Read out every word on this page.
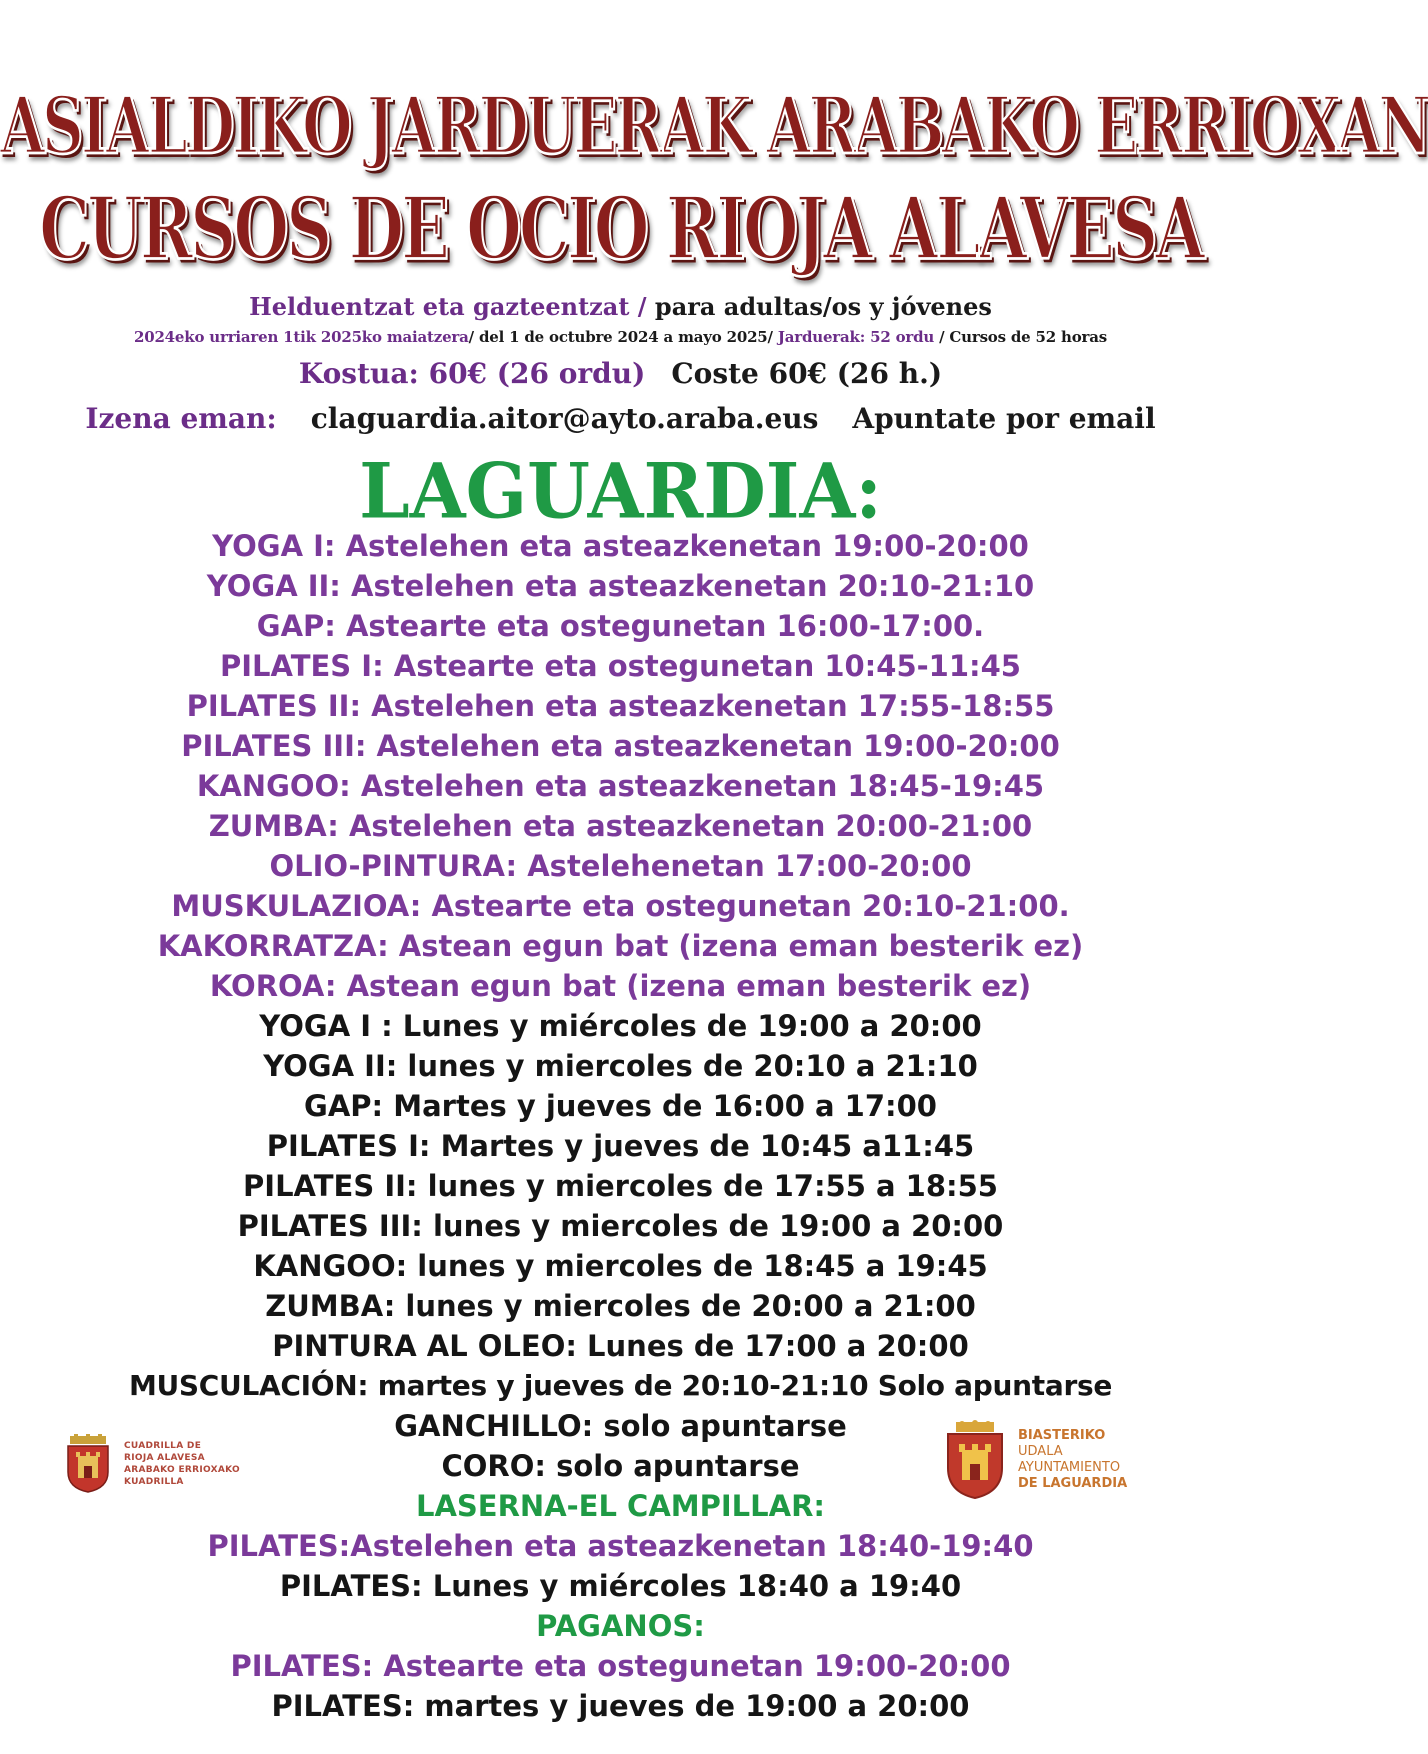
ASIALDIKO JARDUERAK ARABAKO ERRIOXAN
CURSOS DE OCIO RIOJA ALAVESA
Helduentzat eta gazteentzat / para adultas/os y jóvenes
2024eko urriaren 1tik 2025ko maiatzera/ del 1 de octubre 2024 a mayo 2025/ Jarduerak: 52 ordu / Cursos de 52 horas
Kostua: 60€ (26 ordu) Coste 60€ (26 h.)
Izena eman: claguardia.aitor@ayto.araba.eus Apuntate por email
LAGUARDIA:
YOGA I: Astelehen eta asteazkenetan 19:00-20:00
YOGA II: Astelehen eta asteazkenetan 20:10-21:10
GAP: Astearte eta ostegunetan 16:00-17:00.
PILATES I: Astearte eta ostegunetan 10:45-11:45
PILATES II: Astelehen eta asteazkenetan 17:55-18:55
PILATES III: Astelehen eta asteazkenetan 19:00-20:00
KANGOO: Astelehen eta asteazkenetan 18:45-19:45
ZUMBA: Astelehen eta asteazkenetan 20:00-21:00
OLIO-PINTURA: Astelehenetan 17:00-20:00
MUSKULAZIOA: Astearte eta ostegunetan 20:10-21:00.
KAKORRATZA: Astean egun bat (izena eman besterik ez)
KOROA: Astean egun bat (izena eman besterik ez)
YOGA I : Lunes y miércoles de 19:00 a 20:00
YOGA II: lunes y miercoles de 20:10 a 21:10
GAP: Martes y jueves de 16:00 a 17:00
PILATES I: Martes y jueves de 10:45 a11:45
PILATES II: lunes y miercoles de 17:55 a 18:55
PILATES III: lunes y miercoles de 19:00 a 20:00
KANGOO: lunes y miercoles de 18:45 a 19:45
ZUMBA: lunes y miercoles de 20:00 a 21:00
PINTURA AL OLEO: Lunes de 17:00 a 20:00
MUSCULACIÓN: martes y jueves de 20:10-21:10 Solo apuntarse
GANCHILLO: solo apuntarse
CORO: solo apuntarse
LASERNA-EL CAMPILLAR:
PILATES:Astelehen eta asteazkenetan 18:40-19:40
PILATES: Lunes y miércoles 18:40 a 19:40
PAGANOS:
PILATES: Astearte eta ostegunetan 19:00-20:00
PILATES: martes y jueves de 19:00 a 20:00
CUADRILLA DE
RIOJA ALAVESA
ARABAKO ERRIOXAKO
KUADRILLA
BIASTERIKO
UDALA
AYUNTAMIENTO
DE LAGUARDIA
